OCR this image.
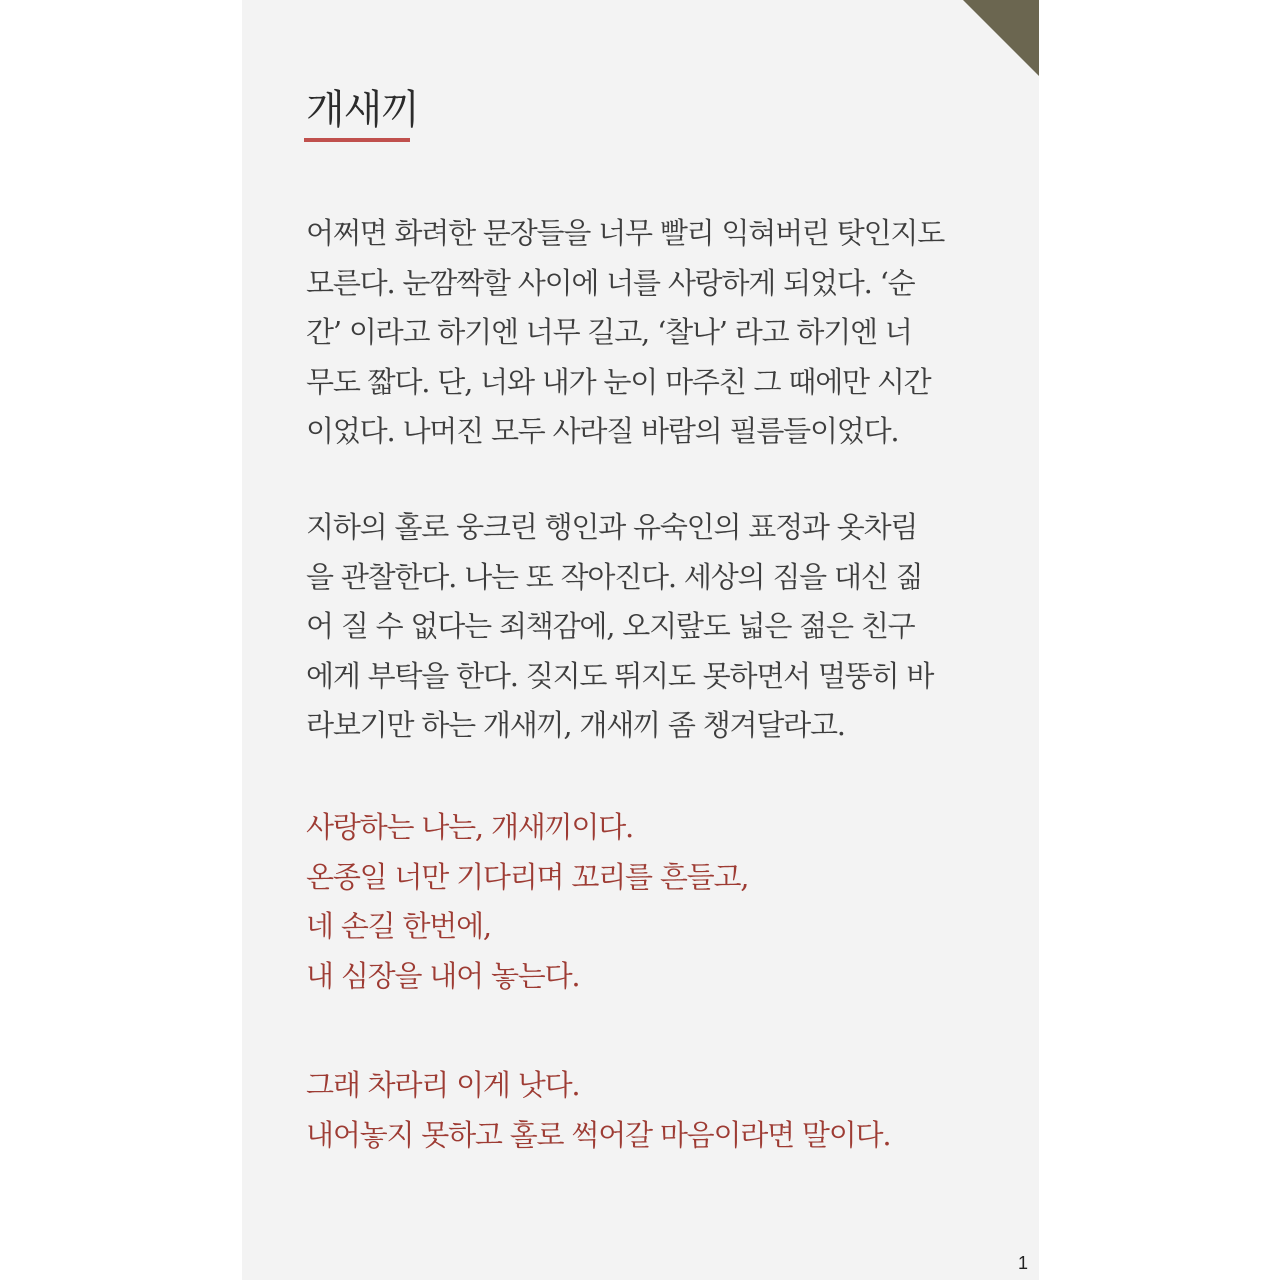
개새끼

어쩌면 화려한 문장들을 너무 빨리 익혀버린 탓인지도
모른다. 눈깜짝할 사이에 너를 사랑하게 되었다. ‘순
간’ 이라고 하기엔 너무 길고, ‘찰나’ 라고 하기엔 너
무도 짧다. 단, 너와 내가 눈이 마주친 그 때에만 시간
이었다. 나머진 모두 사라질 바람의 필름들이었다.

지하의 홀로 웅크린 행인과 유숙인의 표정과 옷차림
을 관찰한다. 나는 또 작아진다. 세상의 짐을 대신 짊
어 질 수 없다는 죄책감에, 오지랖도 넓은 젊은 친구
에게 부탁을 한다. 짖지도 뛰지도 못하면서 멀뚱히 바
라보기만 하는 개새끼, 개새끼 좀 챙겨달라고.

사랑하는 나는, 개새끼이다.
온종일 너만 기다리며 꼬리를 흔들고,
네 손길 한번에,
내 심장을 내어 놓는다.

그래 차라리 이게 낫다.
내어놓지 못하고 홀로 썩어갈 마음이라면 말이다.

1
